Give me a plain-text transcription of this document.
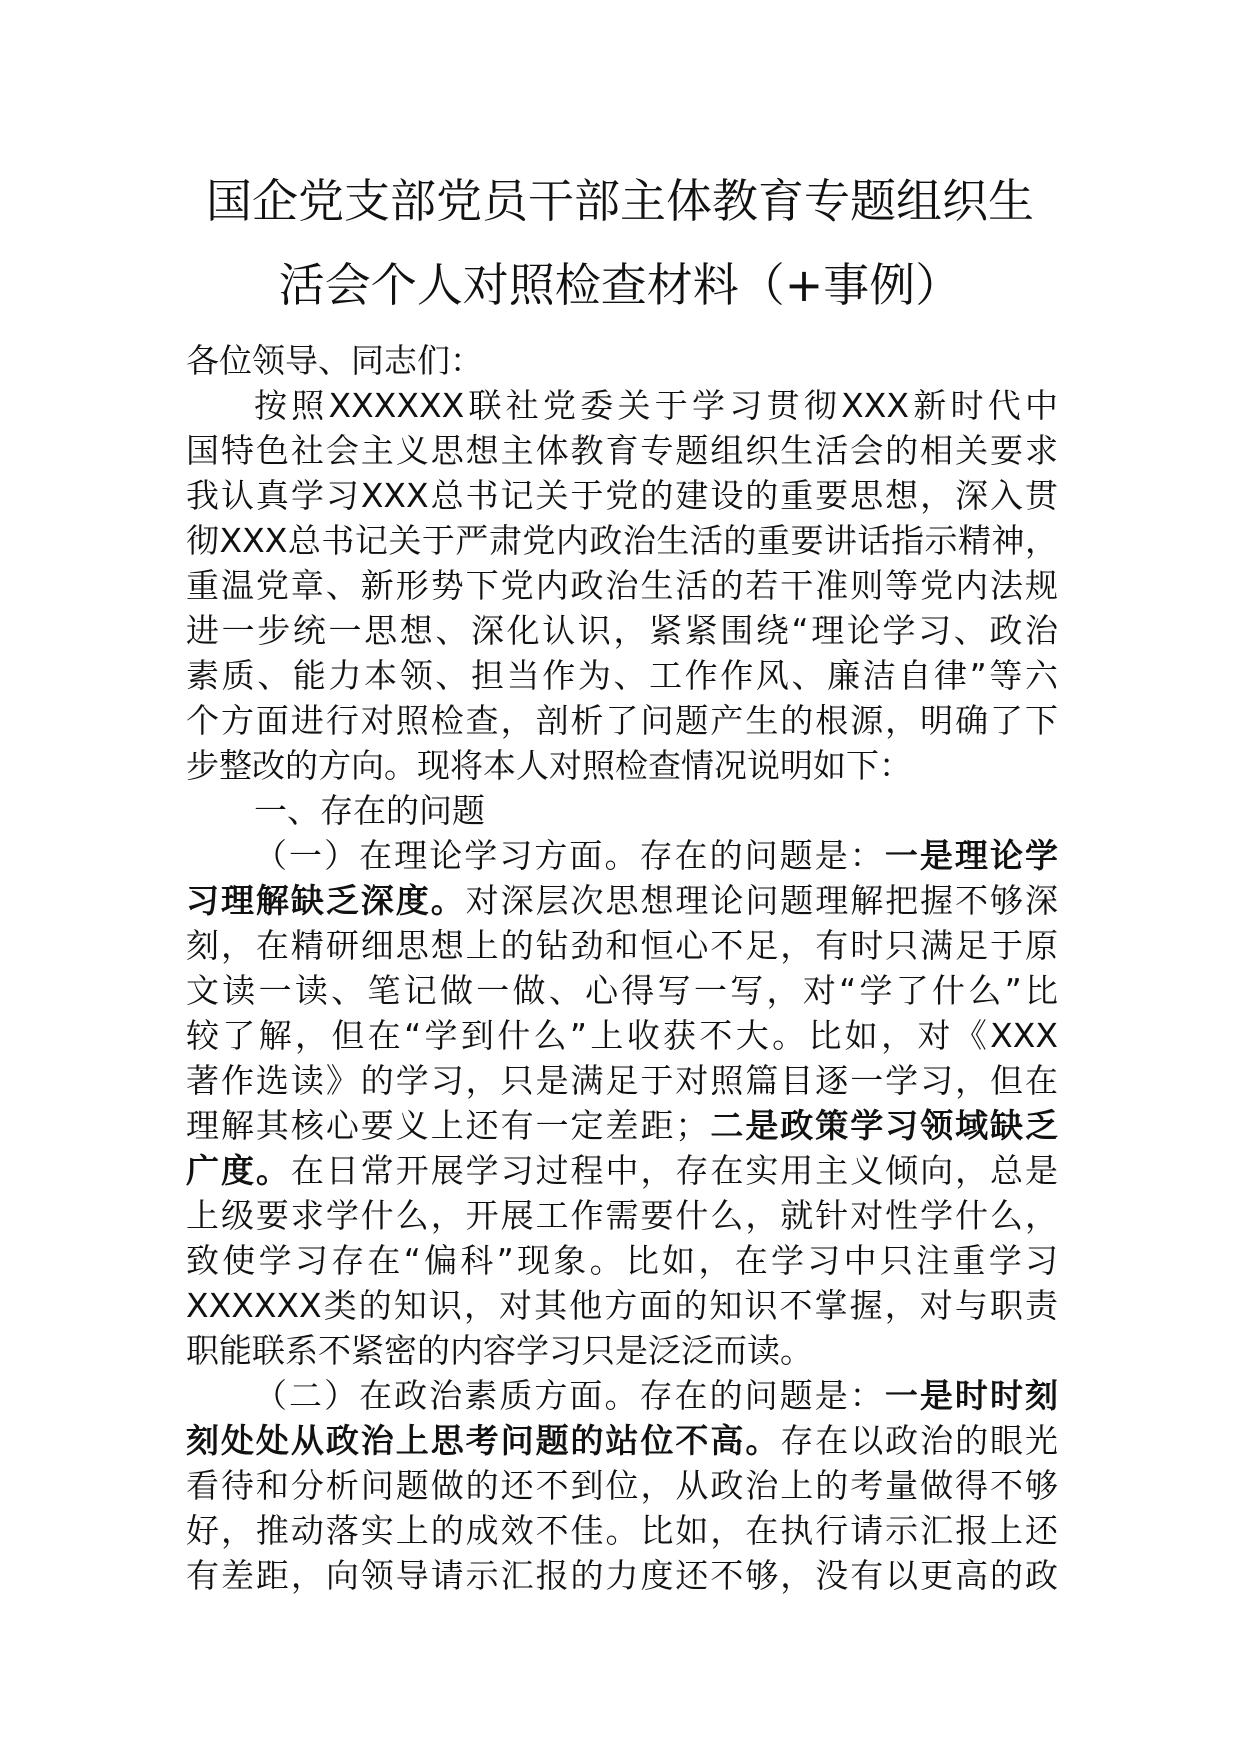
国企党支部党员干部主体教育专题组织生
活会个人对照检查材料（+事例）
各位领导、同志们：
按照XXXXXX联社党委关于学习贯彻XXX新时代中
国特色社会主义思想主体教育专题组织生活会的相关要求
我认真学习XXX总书记关于党的建设的重要思想，深入贯
彻XXX总书记关于严肃党内政治生活的重要讲话指示精神，
重温党章、新形势下党内政治生活的若干准则等党内法规
进一步统一思想、深化认识，紧紧围绕“理论学习、政治
素质、能力本领、担当作为、工作作风、廉洁自律”等六
个方面进行对照检查，剖析了问题产生的根源，明确了下
步整改的方向。现将本人对照检查情况说明如下：
一、存在的问题
（一）在理论学习方面。存在的问题是：一是理论学
习理解缺乏深度。对深层次思想理论问题理解把握不够深
刻，在精研细思想上的钻劲和恒心不足，有时只满足于原
文读一读、笔记做一做、心得写一写，对“学了什么”比
较了解，但在“学到什么”上收获不大。比如，对《XXX
著作选读》的学习，只是满足于对照篇目逐一学习，但在
理解其核心要义上还有一定差距；二是政策学习领域缺乏
广度。在日常开展学习过程中，存在实用主义倾向，总是
上级要求学什么，开展工作需要什么，就针对性学什么，
致使学习存在“偏科”现象。比如，在学习中只注重学习
XXXXXX类的知识，对其他方面的知识不掌握，对与职责
职能联系不紧密的内容学习只是泛泛而读。
（二）在政治素质方面。存在的问题是：一是时时刻
刻处处从政治上思考问题的站位不高。存在以政治的眼光
看待和分析问题做的还不到位，从政治上的考量做得不够
好，推动落实上的成效不佳。比如，在执行请示汇报上还
有差距，向领导请示汇报的力度还不够，没有以更高的政
